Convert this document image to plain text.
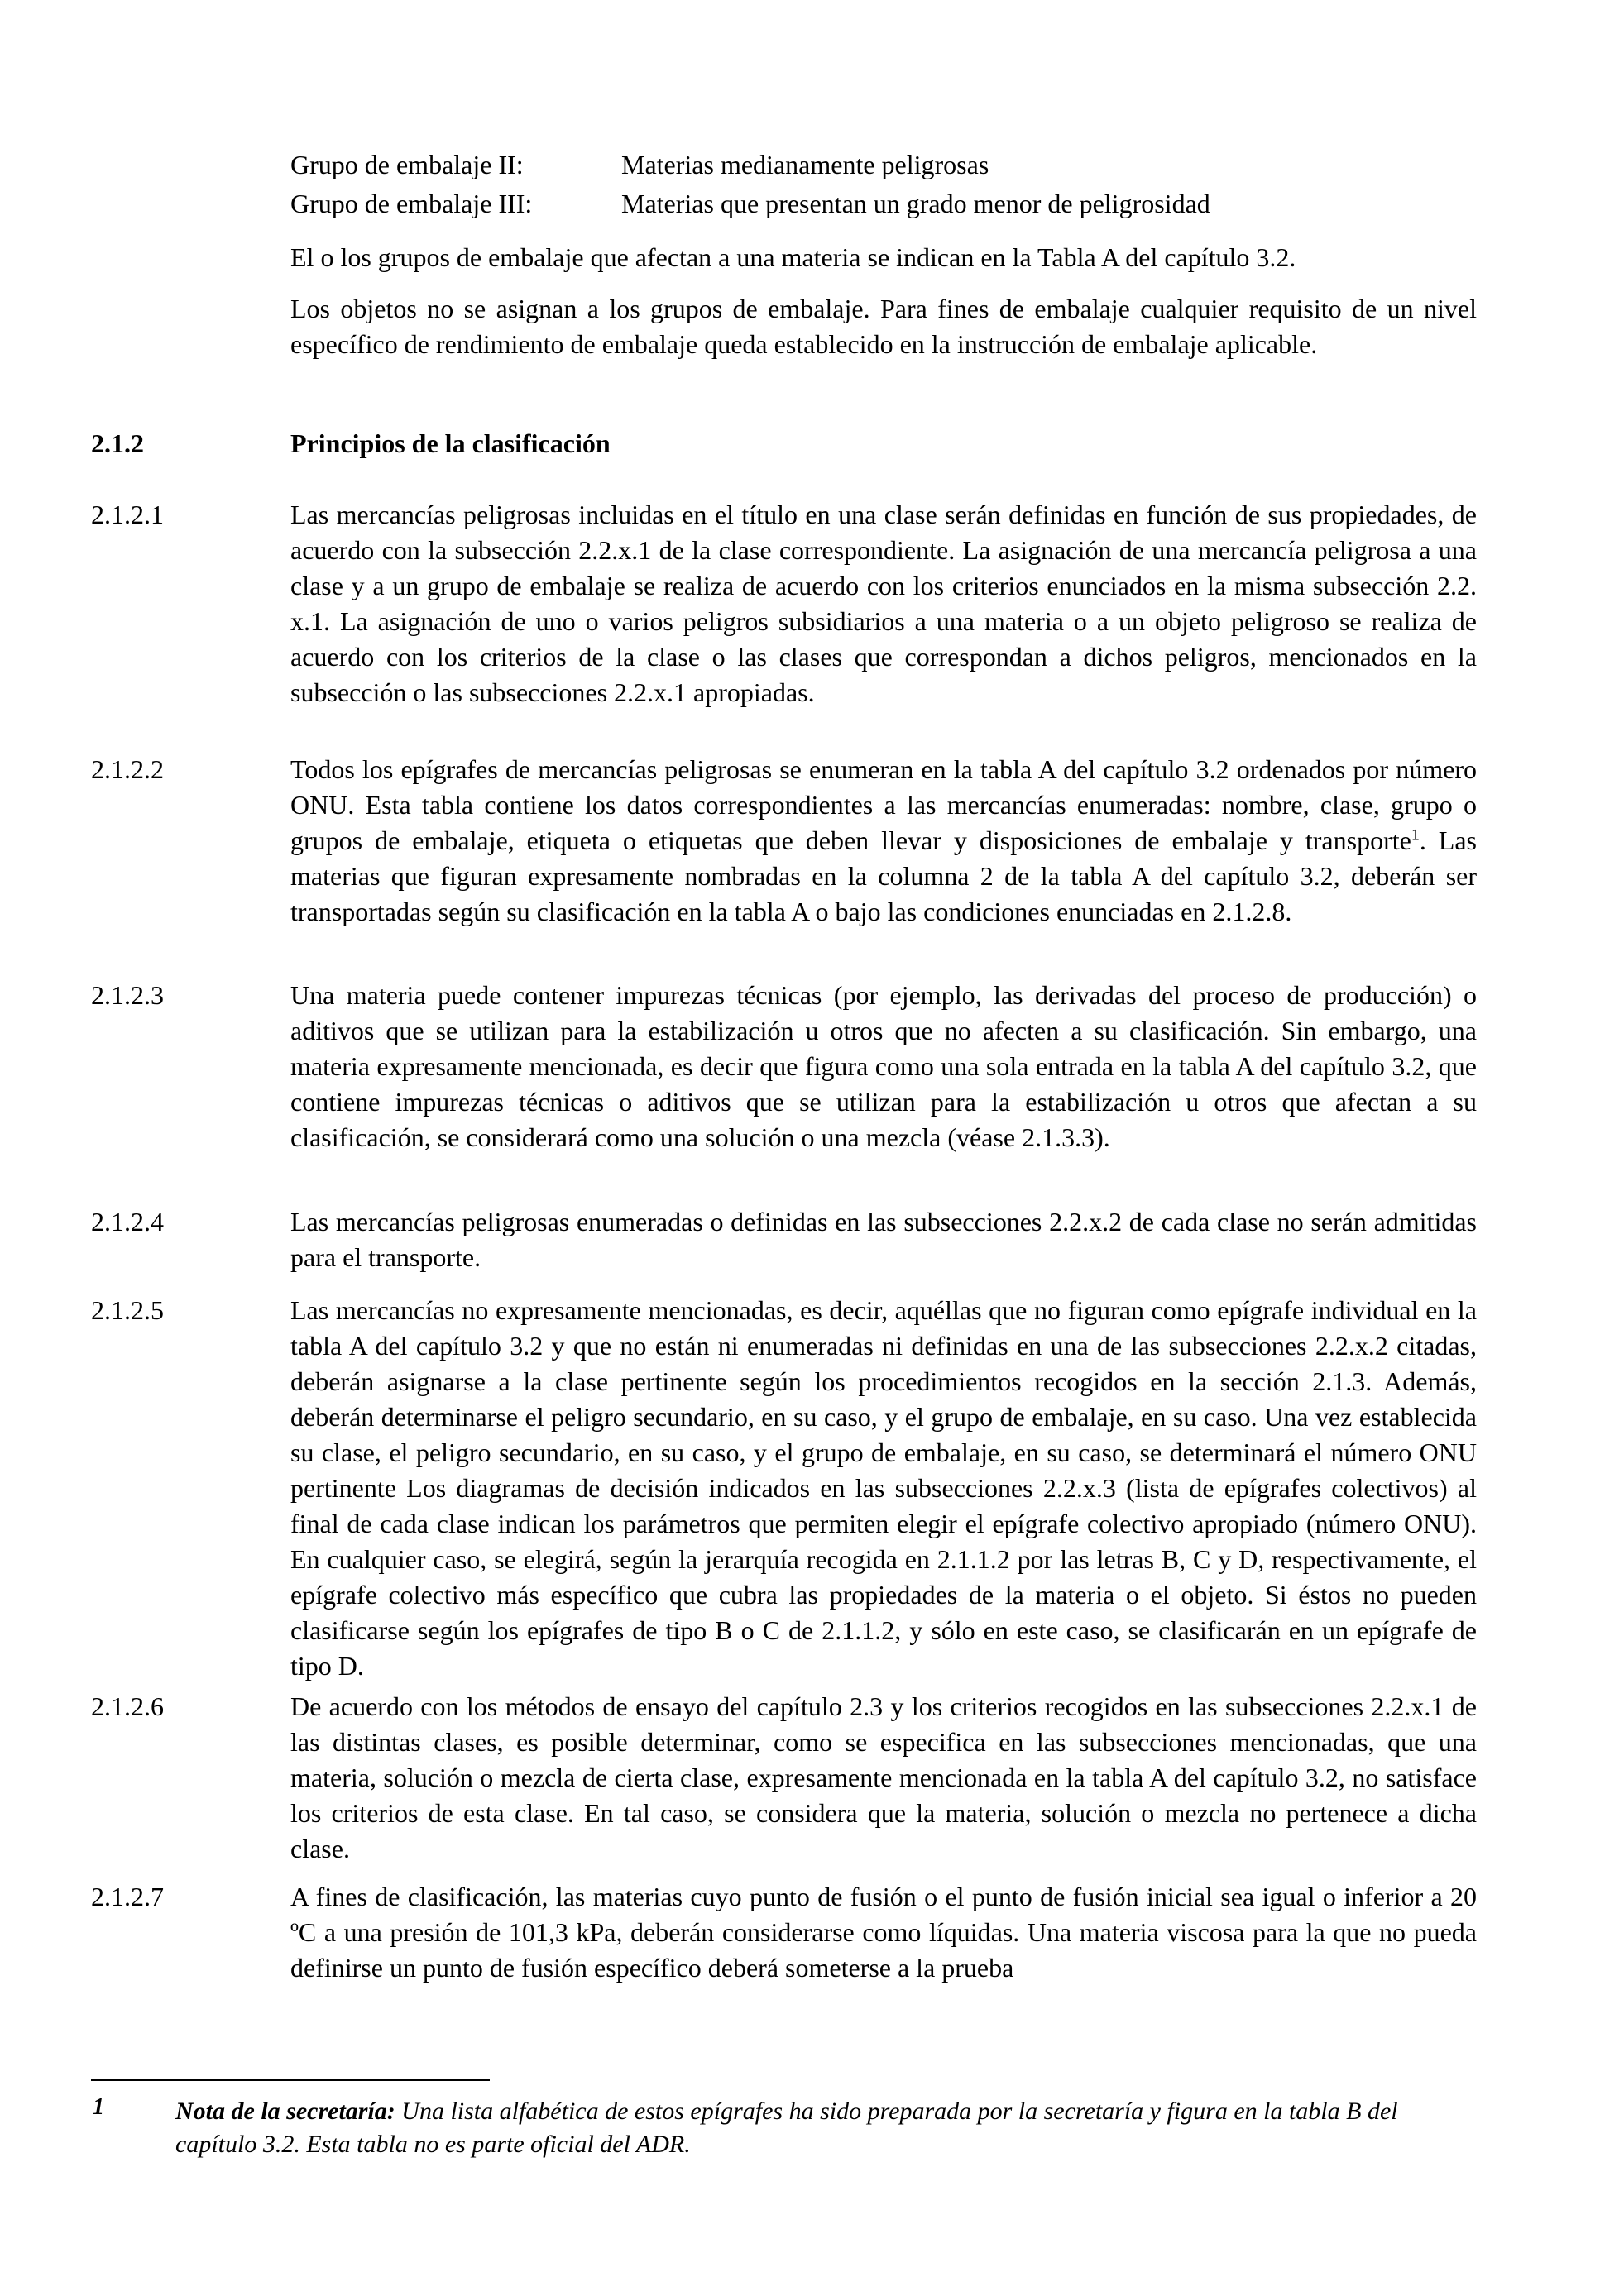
Grupo de embalaje II:	Materias medianamente peligrosas
Grupo de embalaje III:	Materias que presentan un grado menor de peligrosidad
El o los grupos de embalaje que afectan a una materia se indican en la Tabla A del capítulo 3.2.
Los objetos no se asignan a los grupos de embalaje. Para fines de embalaje cualquier requisito de un nivel específico de rendimiento de embalaje queda establecido en la instrucción de embalaje aplicable.
2.1.2	Principios de la clasificación
2.1.2.1	Las mercancías peligrosas incluidas en el título en una clase serán definidas en función de sus propiedades, de acuerdo con la subsección 2.2.x.1 de la clase correspondiente. La asignación de una mercancía peligrosa a una clase y a un grupo de embalaje se realiza de acuerdo con los criterios enunciados en la misma subsección 2.2. x.1. La asignación de uno o varios peligros subsidiarios a una materia o a un objeto peligroso se realiza de acuerdo con los criterios de la clase o las clases que correspondan a dichos peligros, mencionados en la subsección o las subsecciones 2.2.x.1 apropiadas.
2.1.2.2	Todos los epígrafes de mercancías peligrosas se enumeran en la tabla A del capítulo 3.2 ordenados por número ONU. Esta tabla contiene los datos correspondientes a las mercancías enumeradas: nombre, clase, grupo o grupos de embalaje, etiqueta o etiquetas que deben llevar y disposiciones de embalaje y transporte$^1$. Las materias que figuran expresamente nombradas en la columna 2 de la tabla A del capítulo 3.2, deberán ser transportadas según su clasificación en la tabla A o bajo las condiciones enunciadas en 2.1.2.8.
2.1.2.3	Una materia puede contener impurezas técnicas (por ejemplo, las derivadas del proceso de producción) o aditivos que se utilizan para la estabilización u otros que no afecten a su clasificación. Sin embargo, una materia expresamente mencionada, es decir que figura como una sola entrada en la tabla A del capítulo 3.2, que contiene impurezas técnicas o aditivos que se utilizan para la estabilización u otros que afectan a su clasificación, se considerará como una solución o una mezcla (véase 2.1.3.3).
2.1.2.4	Las mercancías peligrosas enumeradas o definidas en las subsecciones 2.2.x.2 de cada clase no serán admitidas para el transporte.
2.1.2.5	Las mercancías no expresamente mencionadas, es decir, aquéllas que no figuran como epígrafe individual en la tabla A del capítulo 3.2 y que no están ni enumeradas ni definidas en una de las subsecciones 2.2.x.2 citadas, deberán asignarse a la clase pertinente según los procedimientos recogidos en la sección 2.1.3. Además, deberán determinarse el peligro secundario, en su caso, y el grupo de embalaje, en su caso. Una vez establecida su clase, el peligro secundario, en su caso, y el grupo de embalaje, en su caso, se determinará el número ONU pertinente Los diagramas de decisión indicados en las subsecciones 2.2.x.3 (lista de epígrafes colectivos) al final de cada clase indican los parámetros que permiten elegir el epígrafe colectivo apropiado (número ONU). En cualquier caso, se elegirá, según la jerarquía recogida en 2.1.1.2 por las letras B, C y D, respectivamente, el epígrafe colectivo más específico que cubra las propiedades de la materia o el objeto. Si éstos no pueden clasificarse según los epígrafes de tipo B o C de 2.1.1.2, y sólo en este caso, se clasificarán en un epígrafe de tipo D.
2.1.2.6	De acuerdo con los métodos de ensayo del capítulo 2.3 y los criterios recogidos en las subsecciones 2.2.x.1 de las distintas clases, es posible determinar, como se especifica en las subsecciones mencionadas, que una materia, solución o mezcla de cierta clase, expresamente mencionada en la tabla A del capítulo 3.2, no satisface los criterios de esta clase. En tal caso, se considera que la materia, solución o mezcla no pertenece a dicha clase.
2.1.2.7	A fines de clasificación, las materias cuyo punto de fusión o el punto de fusión inicial sea igual o inferior a 20 ºC a una presión de 101,3 kPa, deberán considerarse como líquidas. Una materia viscosa para la que no pueda definirse un punto de fusión específico deberá someterse a la prueba
1	Nota de la secretaría: Una lista alfabética de estos epígrafes ha sido preparada por la secretaría y figura en la tabla B del capítulo 3.2. Esta tabla no es parte oficial del ADR.
